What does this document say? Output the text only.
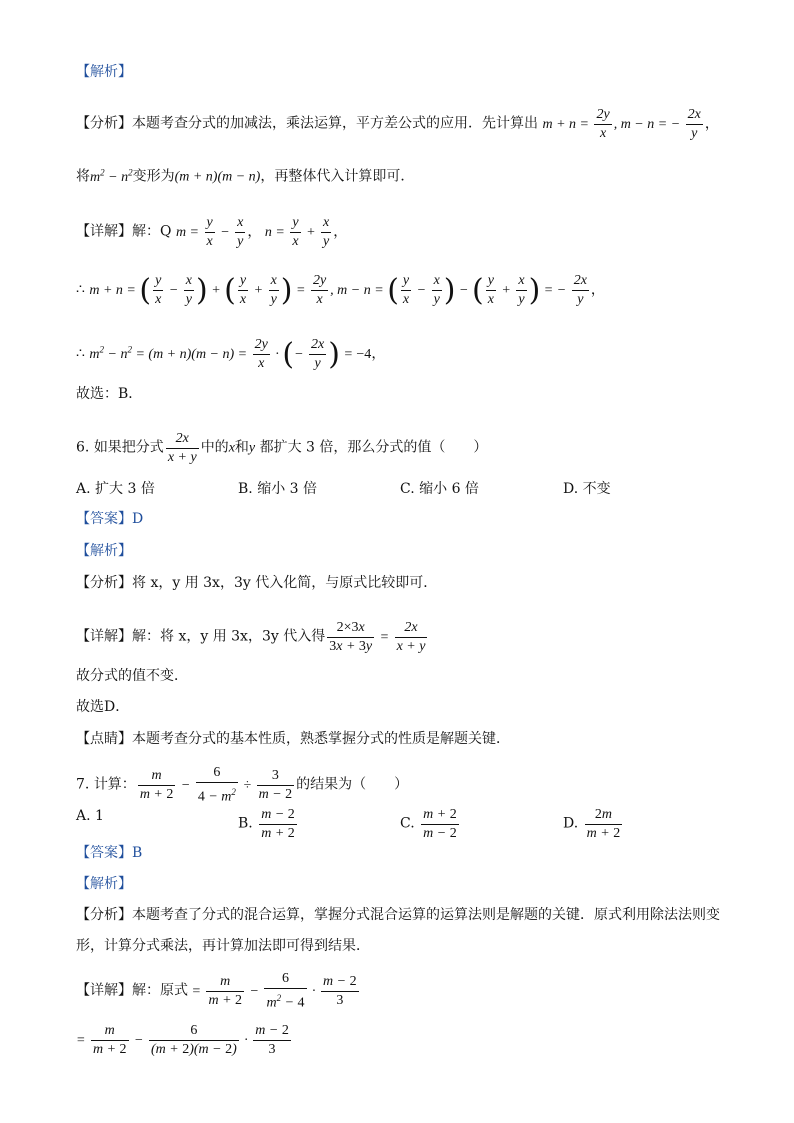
【解析】
【分析】本题考查分式的加减法，乘法运算，平方差公式的应用．先计算出 $m + n = \frac{2y}{x}$ , m − n = − $\frac{2x}{y}$ ，
将$m^2 - n^2$变形为(m + n)(m − n)，再整体代入计算即可．
【详解】解：Q $m = \frac{y}{x} - \frac{x}{y}$ ， $n = \frac{y}{x} + \frac{x}{y}$ ，
∴ m + n = ( $\frac{y}{x} - \frac{x}{y}$ ) + ( $\frac{y}{x} + \frac{x}{y}$ ) = $\frac{2y}{x}$ , m − n = ( $\frac{y}{x} - \frac{x}{y}$ ) − ( $\frac{y}{x} + \frac{x}{y}$ ) = − $\frac{2x}{y}$ ，
∴ $m^2 - n^2 = (m + n)(m - n) = \frac{2y}{x}$ · (− $\frac{2x}{y}$ ) = −4，
故选：B．
6. 如果把分式 $\frac{2x}{x + y}$ 中的x和y 都扩大 3 倍，那么分式的值（　　）
A. 扩大 3 倍	B. 缩小 3 倍	C. 缩小 6 倍	D. 不变
【答案】D
【解析】
【分析】将 x，y 用 3x，3y 代入化简，与原式比较即可．
【详解】解：将 x，y 用 3x，3y 代入得 $\frac{2\times 3x}{3x + 3y} = \frac{2x}{x + y}$
故分式的值不变．
故选D．
【点睛】本题考查分式的基本性质，熟悉掌握分式的性质是解题关键．
7. 计算： $\frac{m}{m + 2} - \frac{6}{4 - m^2} \div \frac{3}{m - 2}$ 的结果为（　　）
A. 1	B. $\frac{m - 2}{m + 2}$	C. $\frac{m + 2}{m - 2}$	D. $\frac{2m}{m + 2}$
【答案】B
【解析】
【分析】本题考查了分式的混合运算，掌握分式混合运算的运算法则是解题的关键．原式利用除法法则变
形，计算分式乘法，再计算加法即可得到结果．
【详解】解：原式 = $\frac{m}{m + 2} - \frac{6}{m^2 - 4} \cdot \frac{m - 2}{3}$
= $\frac{m}{m + 2} - \frac{6}{(m + 2)(m - 2)} \cdot \frac{m - 2}{3}$
